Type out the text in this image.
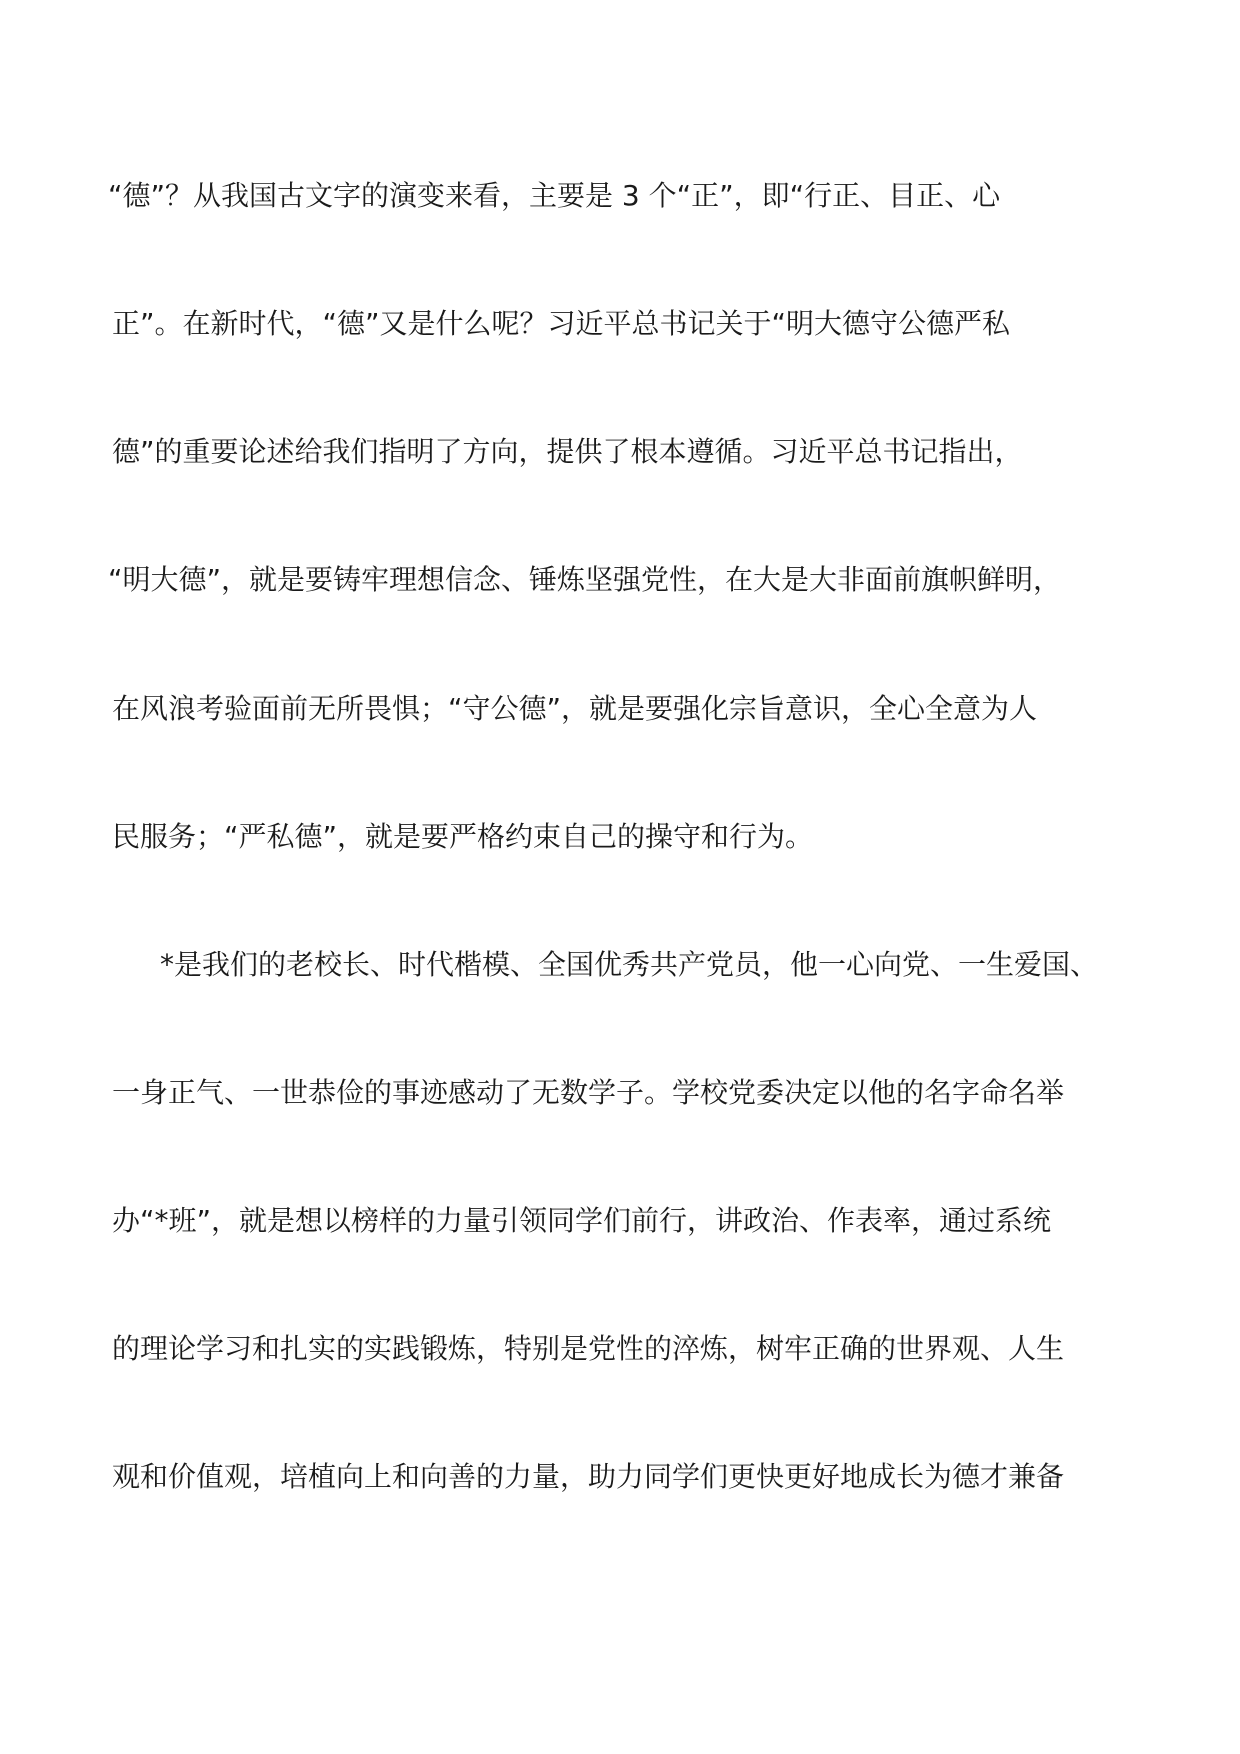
“德”？从我国古文字的演变来看，主要是 3 个“正”，即“行正、目正、心
正”。在新时代，“德”又是什么呢？习近平总书记关于“明大德守公德严私
德”的重要论述给我们指明了方向，提供了根本遵循。习近平总书记指出，
“明大德”，就是要铸牢理想信念、锤炼坚强党性，在大是大非面前旗帜鲜明，
在风浪考验面前无所畏惧；“守公德”，就是要强化宗旨意识，全心全意为人
民服务；“严私德”，就是要严格约束自己的操守和行为。
*是我们的老校长、时代楷模、全国优秀共产党员，他一心向党、一生爱国、
一身正气、一世恭俭的事迹感动了无数学子。学校党委决定以他的名字命名举
办“*班”，就是想以榜样的力量引领同学们前行，讲政治、作表率，通过系统
的理论学习和扎实的实践锻炼，特别是党性的淬炼，树牢正确的世界观、人生
观和价值观，培植向上和向善的力量，助力同学们更快更好地成长为德才兼备
